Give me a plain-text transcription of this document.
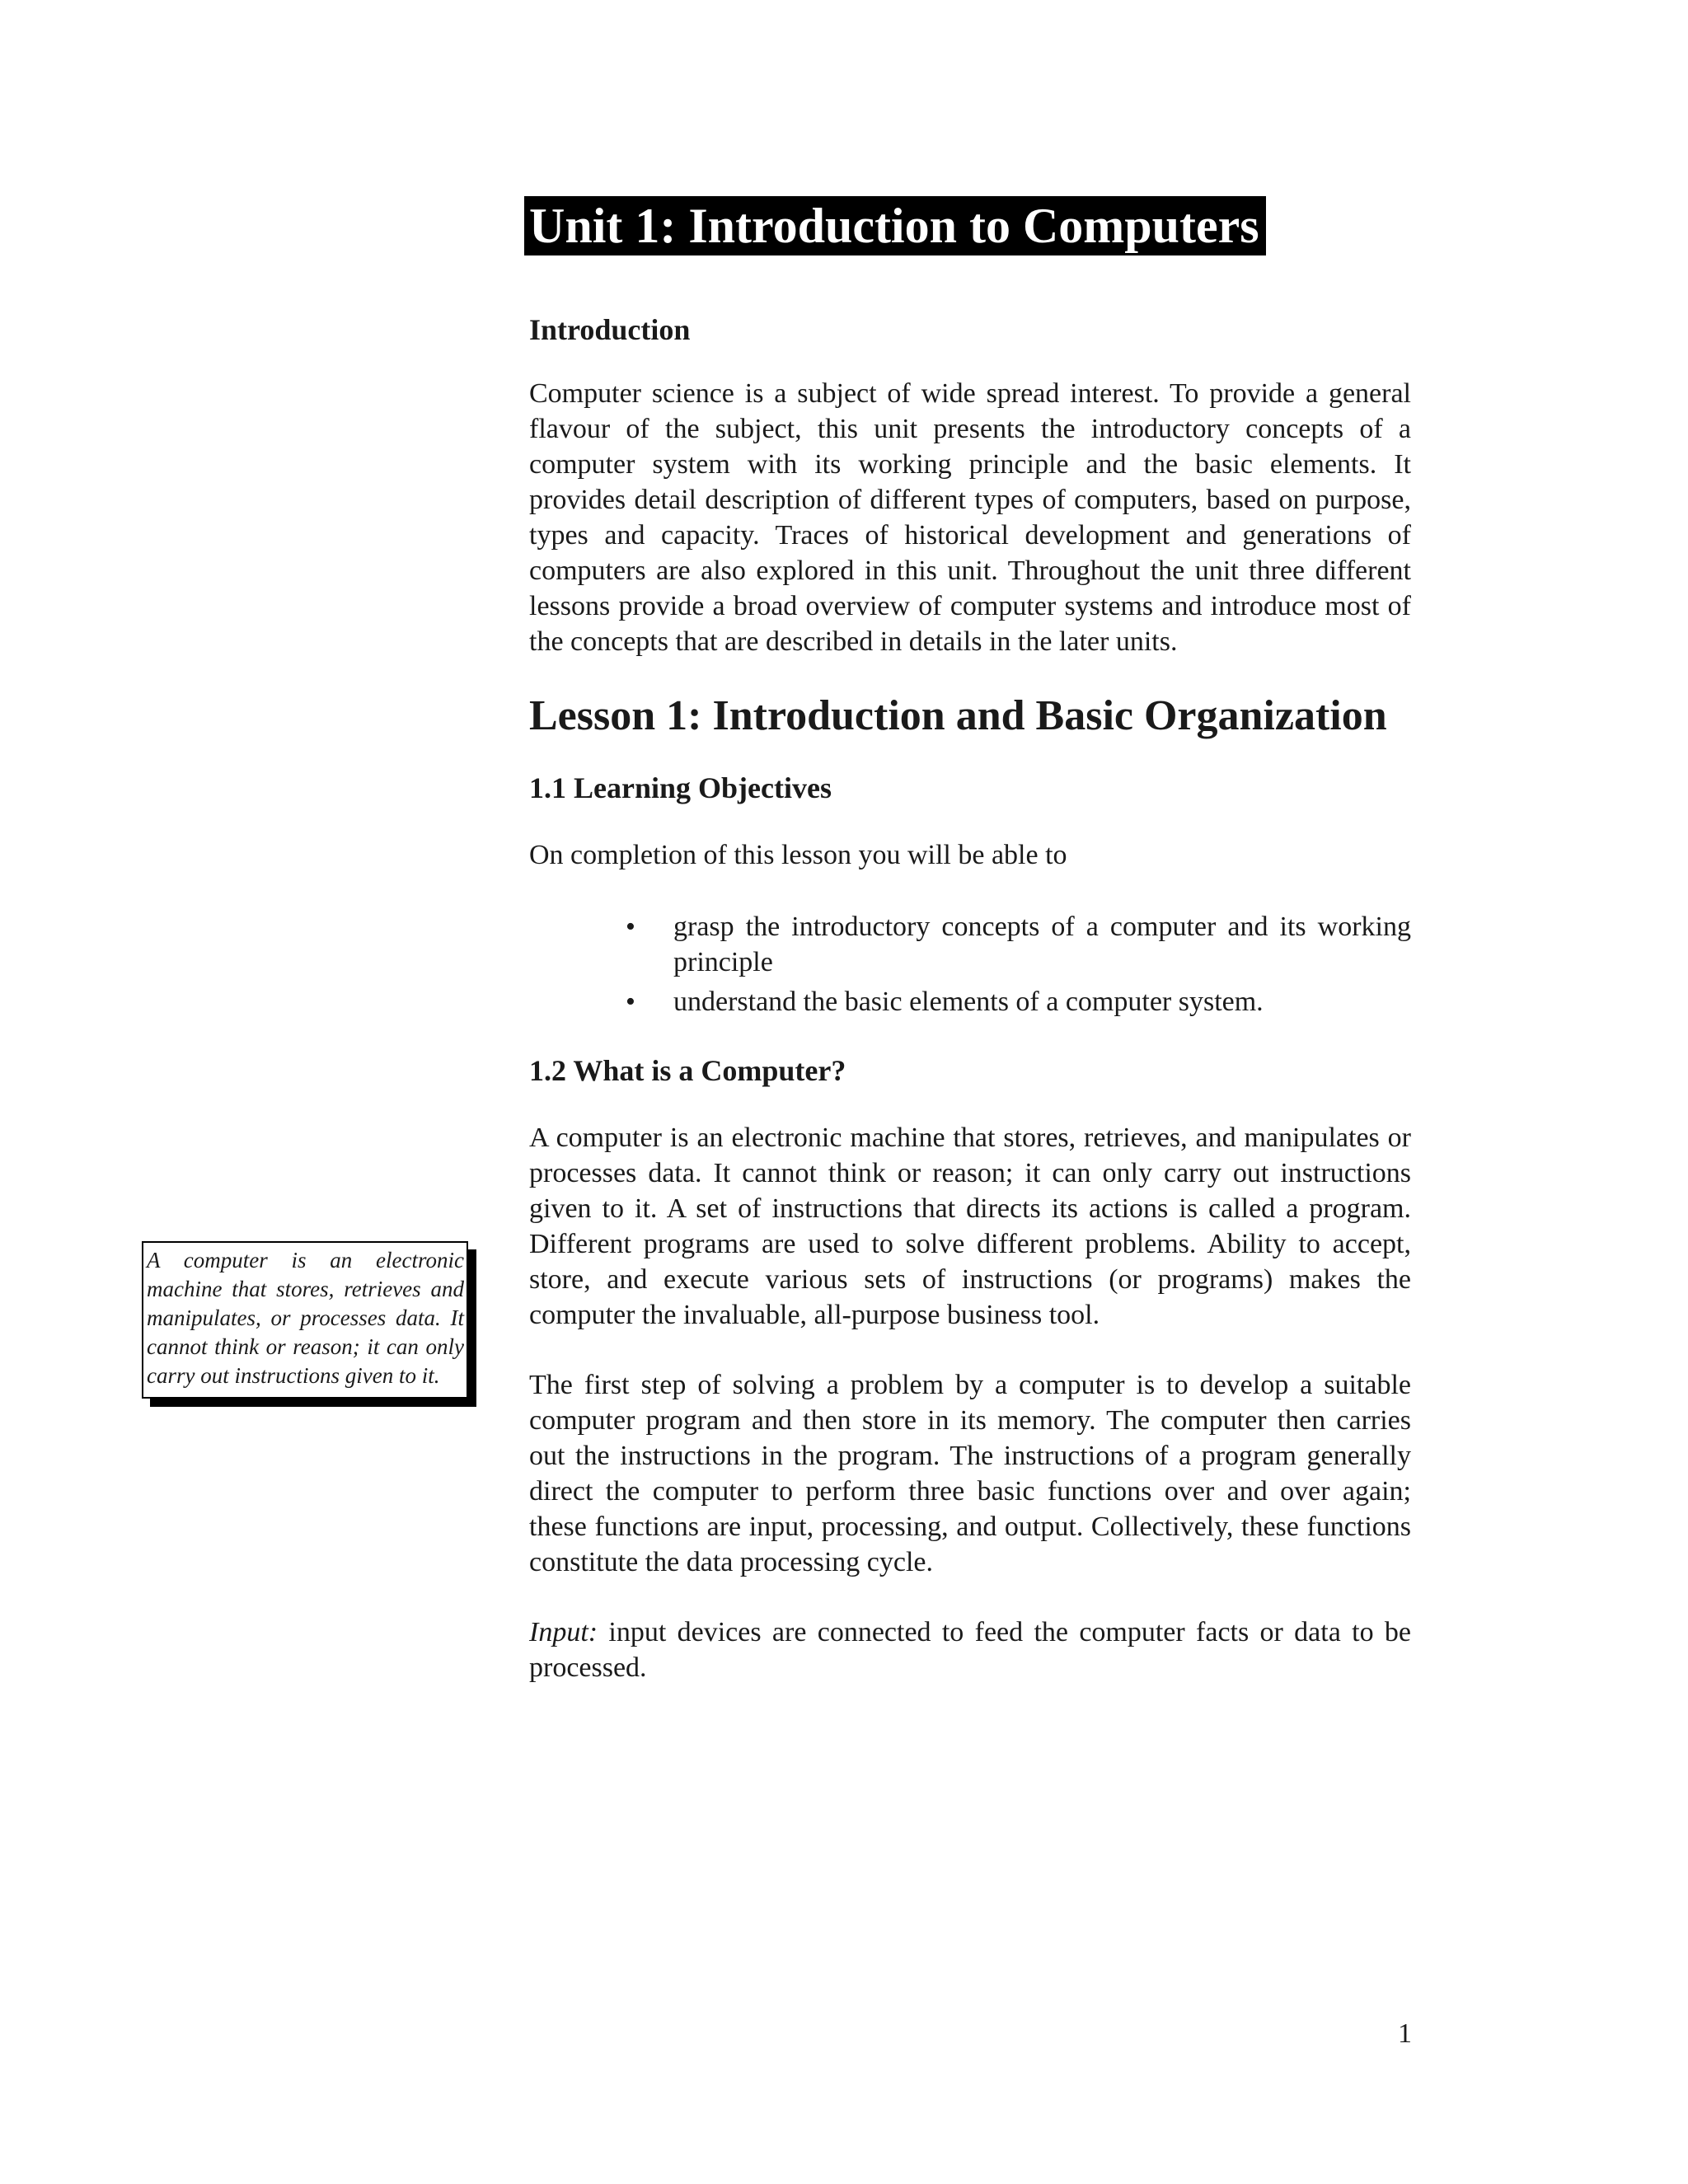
Unit 1: Introduction to Computers
Introduction

Computer science is a subject of wide spread interest. To provide a general flavour of the subject, this unit presents the introductory concepts of a computer system with its working principle and the basic elements. It provides detail description of different types of computers, based on purpose, types and capacity. Traces of historical development and generations of computers are also explored in this unit. Throughout the unit three different lessons provide a broad overview of computer systems and introduce most of the concepts that are described in details in the later units.

Lesson 1: Introduction and Basic Organization
1.1 Learning Objectives

On completion of this lesson you will be able to

• grasp the introductory concepts of a computer and its working principle
• understand the basic elements of a computer system.
1.2 What is a Computer?

A computer is an electronic machine that stores, retrieves, and manipulates or processes data. It cannot think or reason; it can only carry out instructions given to it. A set of instructions that directs its actions is called a program. Different programs are used to solve different problems. Ability to accept, store, and execute various sets of instructions (or programs) makes the computer the invaluable, all-purpose business tool.

The first step of solving a problem by a computer is to develop a suitable computer program and then store in its memory. The computer then carries out the instructions in the program. The instructions of a program generally direct the computer to perform three basic functions over and over again; these functions are input, processing, and output. Collectively, these functions constitute the data processing cycle.

Input: input devices are connected to feed the computer facts or data to be processed.

A computer is an electronic machine that stores, retrieves and manipulates, or processes data. It cannot think or reason; it can only carry out instructions given to it.
1
